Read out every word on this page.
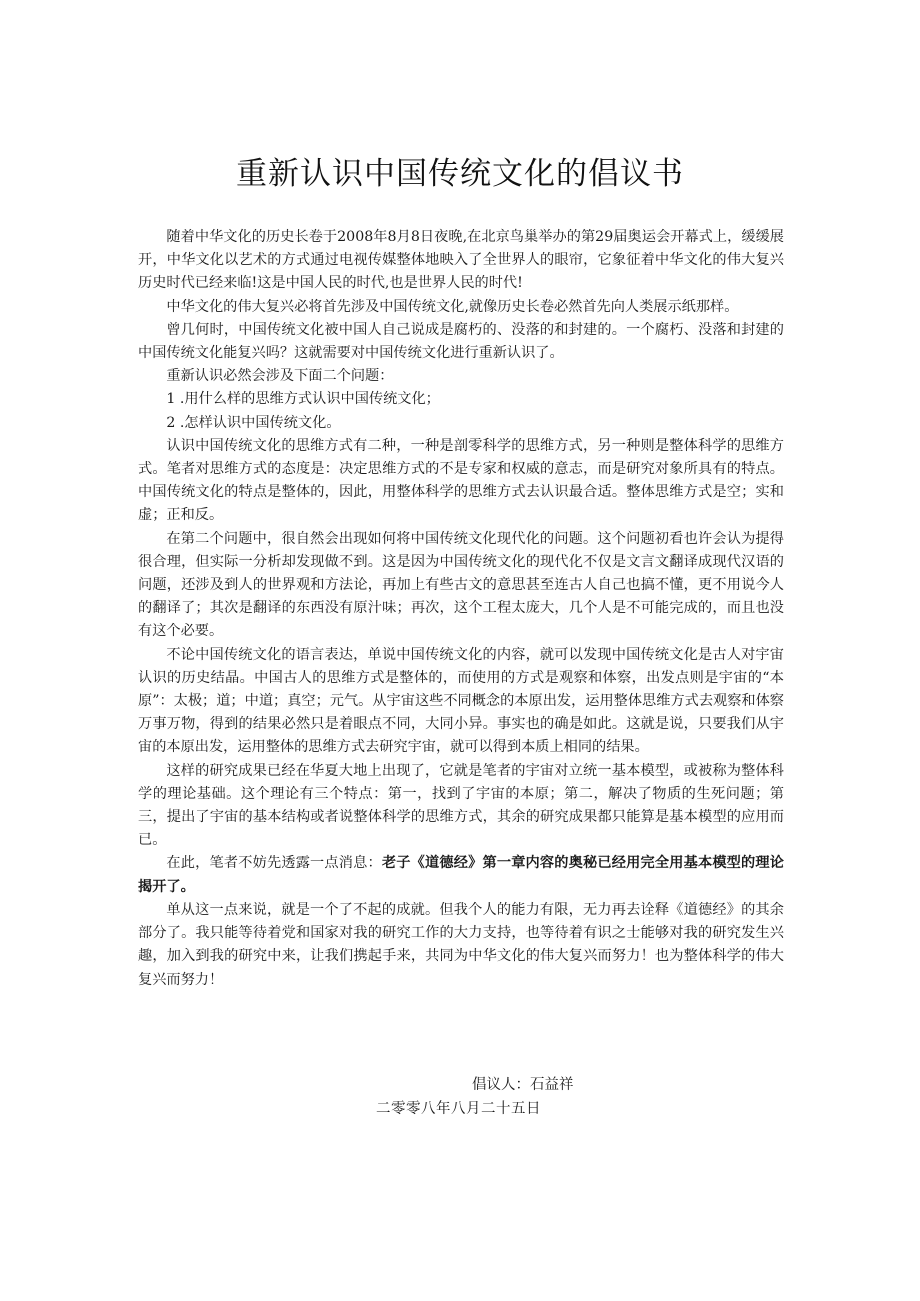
重新认识中国传统文化的倡议书

随着中华文化的历史长卷于2008年8月8日夜晚,在北京鸟巢举办的第29届奥运会开幕式上，缓缓展开，中华文化以艺术的方式通过电视传媒整体地映入了全世界人的眼帘，它象征着中华文化的伟大复兴历史时代已经来临!这是中国人民的时代,也是世界人民的时代!

中华文化的伟大复兴必将首先涉及中国传统文化,就像历史长卷必然首先向人类展示纸那样。

曾几何时，中国传统文化被中国人自己说成是腐朽的、没落的和封建的。一个腐朽、没落和封建的中国传统文化能复兴吗？这就需要对中国传统文化进行重新认识了。

重新认识必然会涉及下面二个问题：

1 .用什么样的思维方式认识中国传统文化；

2 .怎样认识中国传统文化。

认识中国传统文化的思维方式有二种，一种是剖零科学的思维方式，另一种则是整体科学的思维方式。笔者对思维方式的态度是：决定思维方式的不是专家和权威的意志，而是研究对象所具有的特点。中国传统文化的特点是整体的，因此，用整体科学的思维方式去认识最合适。整体思维方式是空；实和虚；正和反。

在第二个问题中，很自然会出现如何将中国传统文化现代化的问题。这个问题初看也许会认为提得很合理，但实际一分析却发现做不到。这是因为中国传统文化的现代化不仅是文言文翻译成现代汉语的问题，还涉及到人的世界观和方法论，再加上有些古文的意思甚至连古人自己也搞不懂，更不用说今人的翻译了；其次是翻译的东西没有原汁味；再次，这个工程太庞大，几个人是不可能完成的，而且也没有这个必要。

不论中国传统文化的语言表达，单说中国传统文化的内容，就可以发现中国传统文化是古人对宇宙认识的历史结晶。中国古人的思维方式是整体的，而使用的方式是观察和体察，出发点则是宇宙的“本原”：太极；道；中道；真空；元气。从宇宙这些不同概念的本原出发，运用整体思维方式去观察和体察万事万物，得到的结果必然只是着眼点不同，大同小异。事实也的确是如此。这就是说，只要我们从宇宙的本原出发，运用整体的思维方式去研究宇宙，就可以得到本质上相同的结果。

这样的研究成果已经在华夏大地上出现了，它就是笔者的宇宙对立统一基本模型，或被称为整体科学的理论基础。这个理论有三个特点：第一，找到了宇宙的本原；第二，解决了物质的生死问题；第三，提出了宇宙的基本结构或者说整体科学的思维方式，其余的研究成果都只能算是基本模型的应用而已。

在此，笔者不妨先透露一点消息：老子《道德经》第一章内容的奥秘已经用完全用基本模型的理论揭开了。

单从这一点来说，就是一个了不起的成就。但我个人的能力有限，无力再去诠释《道德经》的其余部分了。我只能等待着党和国家对我的研究工作的大力支持，也等待着有识之士能够对我的研究发生兴趣，加入到我的研究中来，让我们携起手来，共同为中华文化的伟大复兴而努力！也为整体科学的伟大复兴而努力！

倡议人：石益祥
二零零八年八月二十五日
